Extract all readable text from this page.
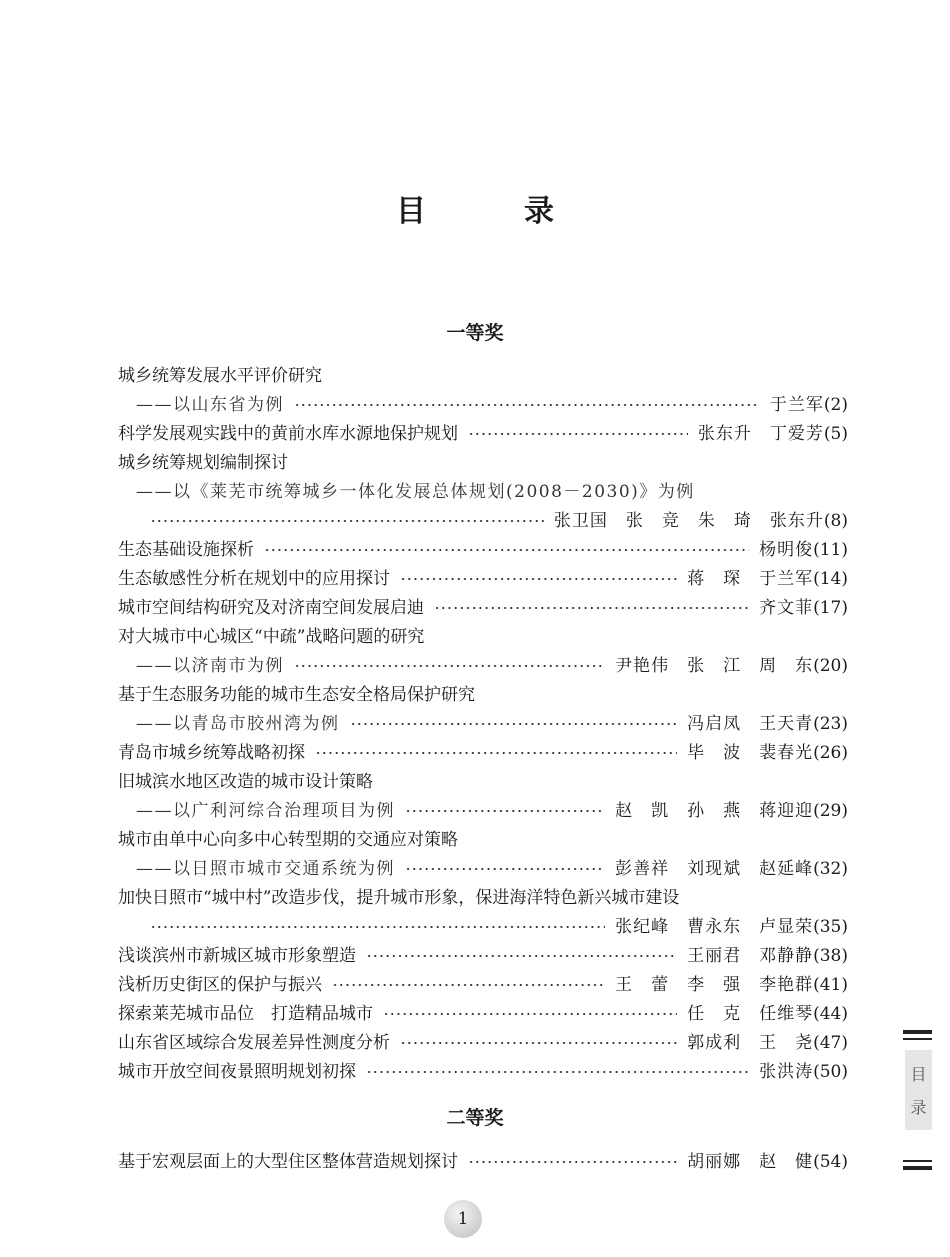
目　录
一等奖
城乡统筹发展水平评价研究
——以山东省为例	于兰军(2)
科学发展观实践中的黄前水库水源地保护规划	张东升　丁爱芳(5)
城乡统筹规划编制探讨
——以《莱芜市统筹城乡一体化发展总体规划(2008－2030)》为例
张卫国　张　竞　朱　琦　张东升(8)
生态基础设施探析	杨明俊(11)
生态敏感性分析在规划中的应用探讨	蒋　琛　于兰军(14)
城市空间结构研究及对济南空间发展启迪	齐文菲(17)
对大城市中心城区“中疏”战略问题的研究
——以济南市为例	尹艳伟　张　江　周　东(20)
基于生态服务功能的城市生态安全格局保护研究
——以青岛市胶州湾为例	冯启凤　王天青(23)
青岛市城乡统筹战略初探	毕　波　裴春光(26)
旧城滨水地区改造的城市设计策略
——以广利河综合治理项目为例	赵　凯　孙　燕　蒋迎迎(29)
城市由单中心向多中心转型期的交通应对策略
——以日照市城市交通系统为例	彭善祥　刘现斌　赵延峰(32)
加快日照市“城中村”改造步伐，提升城市形象，保进海洋特色新兴城市建设
张纪峰　曹永东　卢显荣(35)
浅谈滨州市新城区城市形象塑造	王丽君　邓静静(38)
浅析历史街区的保护与振兴	王　蕾　李　强　李艳群(41)
探索莱芜城市品位　打造精品城市	任　克　任维琴(44)
山东省区域综合发展差异性测度分析	郭成利　王　尧(47)
城市开放空间夜景照明规划初探	张洪涛(50)
二等奖
基于宏观层面上的大型住区整体营造规划探讨	胡丽娜　赵　健(54)
目
录
1
